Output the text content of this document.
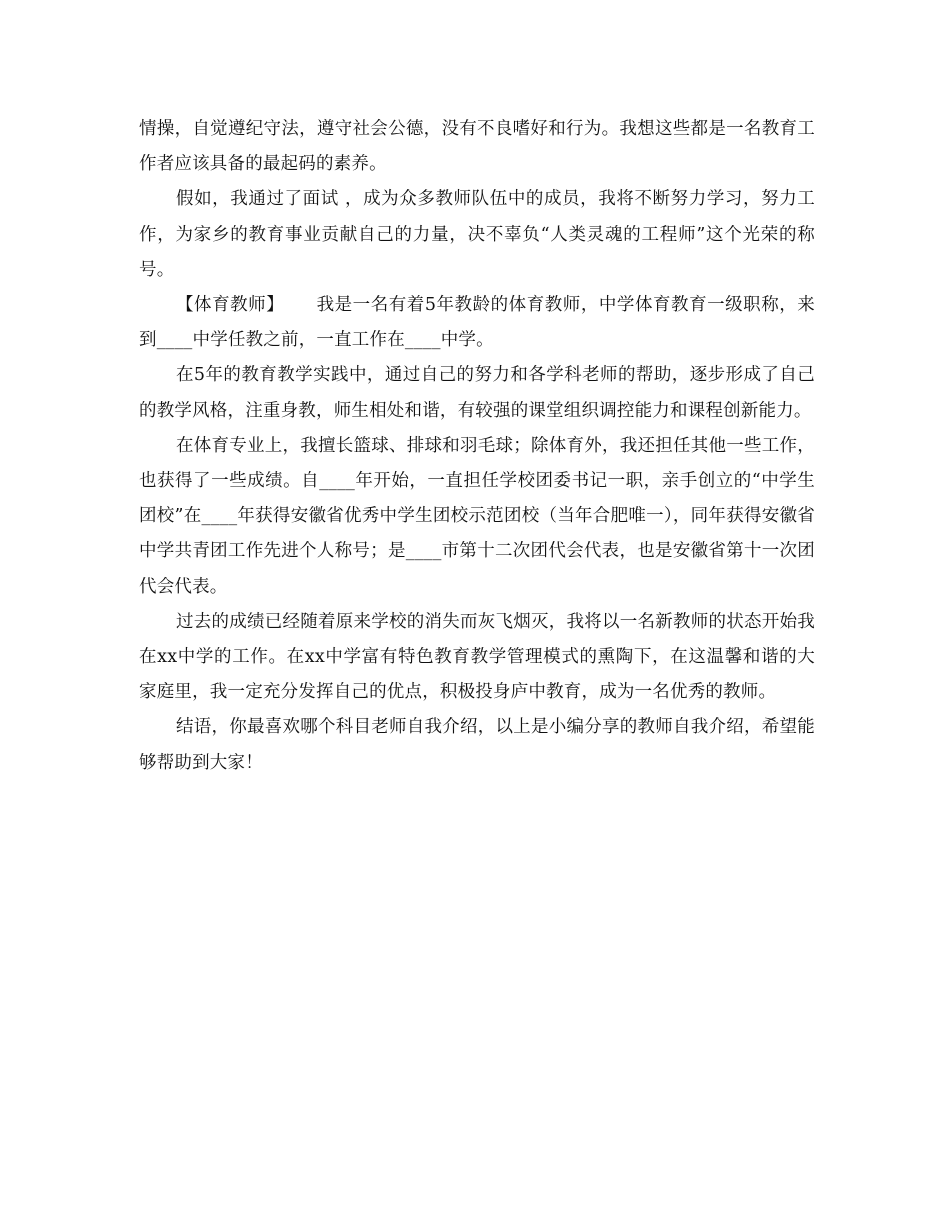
情操，自觉遵纪守法，遵守社会公德，没有不良嗜好和行为。我想这些都是一名教育工作者应该具备的最起码的素养。

假如，我通过了面试 ，成为众多教师队伍中的成员，我将不断努力学习，努力工作，为家乡的教育事业贡献自己的力量，决不辜负“人类灵魂的工程师”这个光荣的称号。

【体育教师】 我是一名有着5年教龄的体育教师，中学体育教育一级职称，来到____中学任教之前，一直工作在____中学。

在5年的教育教学实践中，通过自己的努力和各学科老师的帮助，逐步形成了自己的教学风格，注重身教，师生相处和谐，有较强的课堂组织调控能力和课程创新能力。

在体育专业上，我擅长篮球、排球和羽毛球；除体育外，我还担任其他一些工作，也获得了一些成绩。自____年开始，一直担任学校团委书记一职，亲手创立的“中学生团校”在____年获得安徽省优秀中学生团校示范团校（当年合肥唯一），同年获得安徽省中学共青团工作先进个人称号；是____市第十二次团代会代表，也是安徽省第十一次团代会代表。

过去的成绩已经随着原来学校的消失而灰飞烟灭，我将以一名新教师的状态开始我在xx中学的工作。在xx中学富有特色教育教学管理模式的熏陶下，在这温馨和谐的大家庭里，我一定充分发挥自己的优点，积极投身庐中教育，成为一名优秀的教师。

结语，你最喜欢哪个科目老师自我介绍，以上是小编分享的教师自我介绍，希望能够帮助到大家！
